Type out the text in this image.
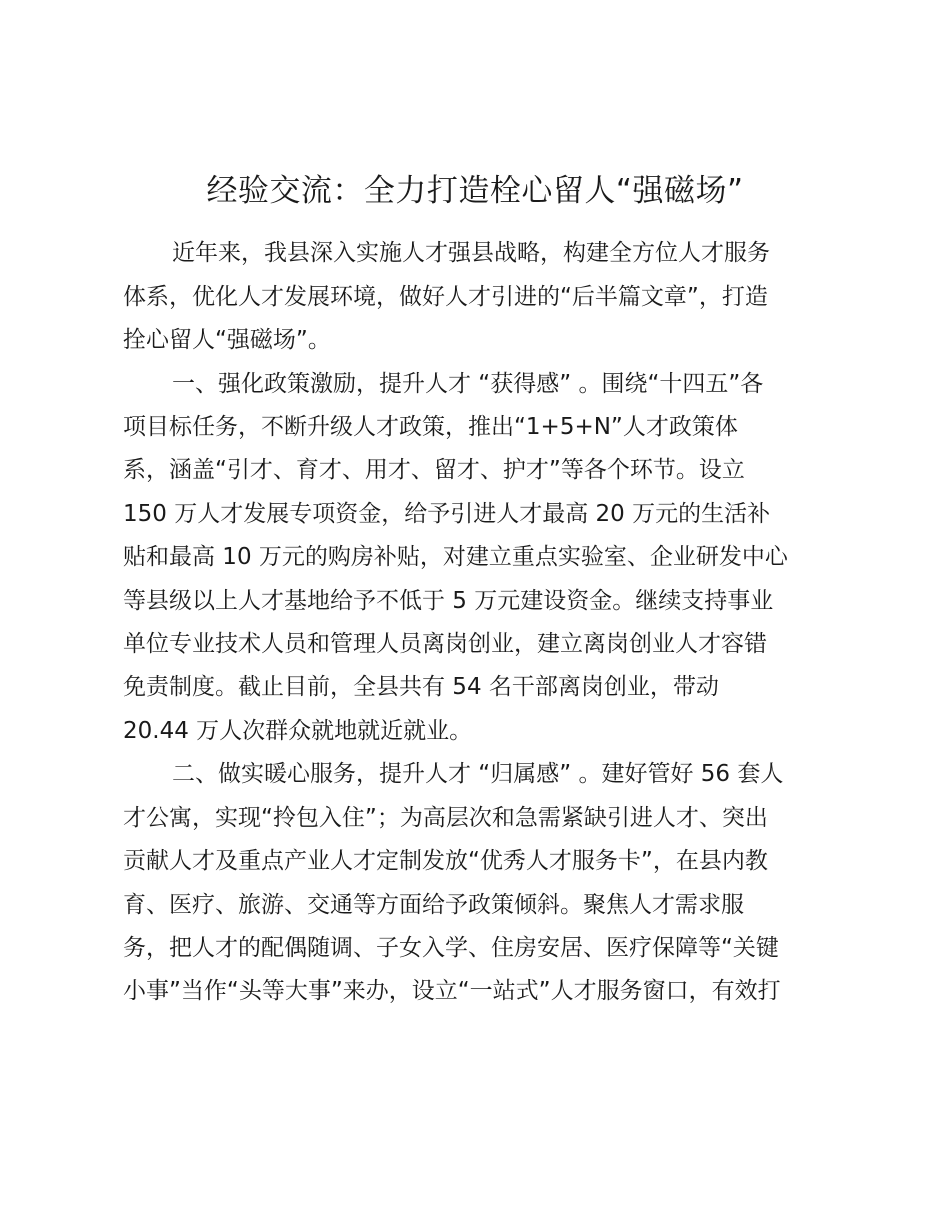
经验交流：全力打造栓心留人“强磁场”

近年来，我县深入实施人才强县战略，构建全方位人才服务

体系，优化人才发展环境，做好人才引进的“后半篇文章”，打造

拴心留人“强磁场”。

一、强化政策激励，提升人才 “获得感” 。围绕“十四五”各

项目标任务，不断升级人才政策，推出“1+5+N”人才政策体

系，涵盖“引才、育才、用才、留才、护才”等各个环节。设立

150 万人才发展专项资金，给予引进人才最高 20 万元的生活补

贴和最高 10 万元的购房补贴，对建立重点实验室、企业研发中心

等县级以上人才基地给予不低于 5 万元建设资金。继续支持事业

单位专业技术人员和管理人员离岗创业，建立离岗创业人才容错

免责制度。截止目前，全县共有 54 名干部离岗创业，带动

20.44 万人次群众就地就近就业。

二、做实暖心服务，提升人才 “归属感” 。建好管好 56 套人

才公寓，实现“拎包入住”；为高层次和急需紧缺引进人才、突出

贡献人才及重点产业人才定制发放“优秀人才服务卡”，在县内教

育、医疗、旅游、交通等方面给予政策倾斜。聚焦人才需求服

务，把人才的配偶随调、子女入学、住房安居、医疗保障等“关键

小事”当作“头等大事”来办，设立“一站式”人才服务窗口，有效打
